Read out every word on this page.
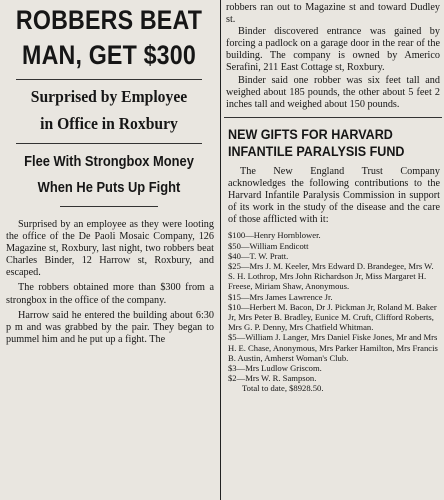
ROBBERS BEAT
MAN, GET $300
Surprised by Employee
in Office in Roxbury
Flee With Strongbox Money
When He Puts Up Fight

Surprised by an employee as they were looting the office of the De Paoli Mosaic Company, 126 Magazine st, Roxbury, last night, two robbers beat Charles Binder, 12 Harrow st, Roxbury, and escaped.

The robbers obtained more than $300 from a strongbox in the office of the company.

Harrow said he entered the building about 6:30 p m and was grabbed by the pair. They began to pummel him and he put up a fight. The

robbers ran out to Magazine st and toward Dudley st.

Binder discovered entrance was gained by forcing a padlock on a garage door in the rear of the building. The company is owned by Americo Serafini, 211 East Cottage st, Roxbury.

Binder said one robber was six feet tall and weighed about 185 pounds, the other about 5 feet 2 inches tall and weighed about 150 pounds.

NEW GIFTS FOR HARVARD
INFANTILE PARALYSIS FUND

The New England Trust Company acknowledges the following contributions to the Harvard Infantile Paralysis Commission in support of its work in the study of the disease and the care of those afflicted with it:

$100—Henry Hornblower.
$50—William Endicott
$40—T. W. Pratt.
$25—Mrs J. M. Keeler, Mrs Edward D. Brandegee, Mrs W. S. H. Lothrop, Mrs John Richardson Jr, Miss Margaret H. Freese, Miriam Shaw, Anonymous.
$15—Mrs James Lawrence Jr.
$10—Herbert M. Bacon, Dr J. Pickman Jr, Roland M. Baker Jr, Mrs Peter B. Bradley, Eunice M. Cruft, Clifford Roberts, Mrs G. P. Denny, Mrs Chatfield Whitman.
$5—William J. Langer, Mrs Daniel Fiske Jones, Mr and Mrs H. E. Chase, Anonymous, Mrs Parker Hamilton, Mrs Francis B. Austin, Amherst Woman's Club.
$3—Mrs Ludlow Griscom.
$2—Mrs W. R. Sampson.
Total to date, $8928.50.
